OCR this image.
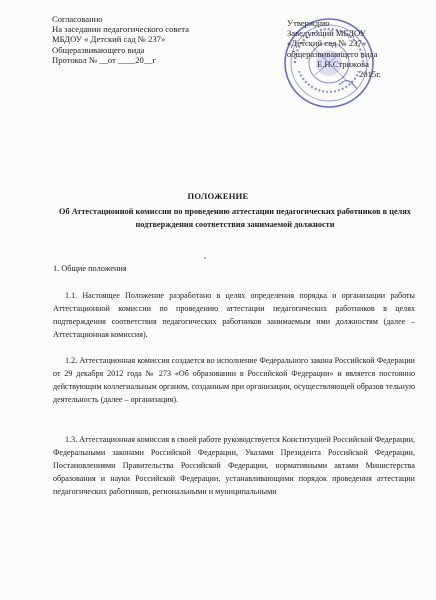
Согласованно
На заседании педагогического совета
МБДОУ « Детский сад № 237»
Общеразвивающего вида
Протокол № __от ____20__г
Утверждаю
Заведующий МБДОУ
«Детский сад № 237»
общеразвивающего вида
Е.Н.Стрижова
2015г.
ПОЛОЖЕНИЕ
Об Аттестационной комиссии по проведению аттестации педагогических работников в целях подтверждения соответствия занимаемой должности
1. Общие положения

1.1. Настоящее Положение разработано в целях определения порядка и организации работы Аттестационной комиссии по проведению аттестации педагогических работников в целях подтверждения соответствия педагогических работников занимаемым ими должностям (далее – Аттестационная комиссия).

1.2. Аттестационная комиссия создается во исполнение Федерального закона Российской Федерации от 29 декабря 2012 года № 273 «Об образовании в Российской Федерации» и является постоянно действующим коллегиальным органом, созданным при организации, осуществляющей образов тельную деятельность (далее – организация).

1.3. Аттестационная комиссия в своей работе руководствуется Конституцией Российской Федерации, Федеральными законами Российской Федерации, Указами Президента Российской Федерации, Постановлениями Правительства Российской Федерации, нормативными актами Министерства образования и науки Российской Федерации, устанавливающими порядок проведения аттестации педагогических работников, региональными и муниципальными
